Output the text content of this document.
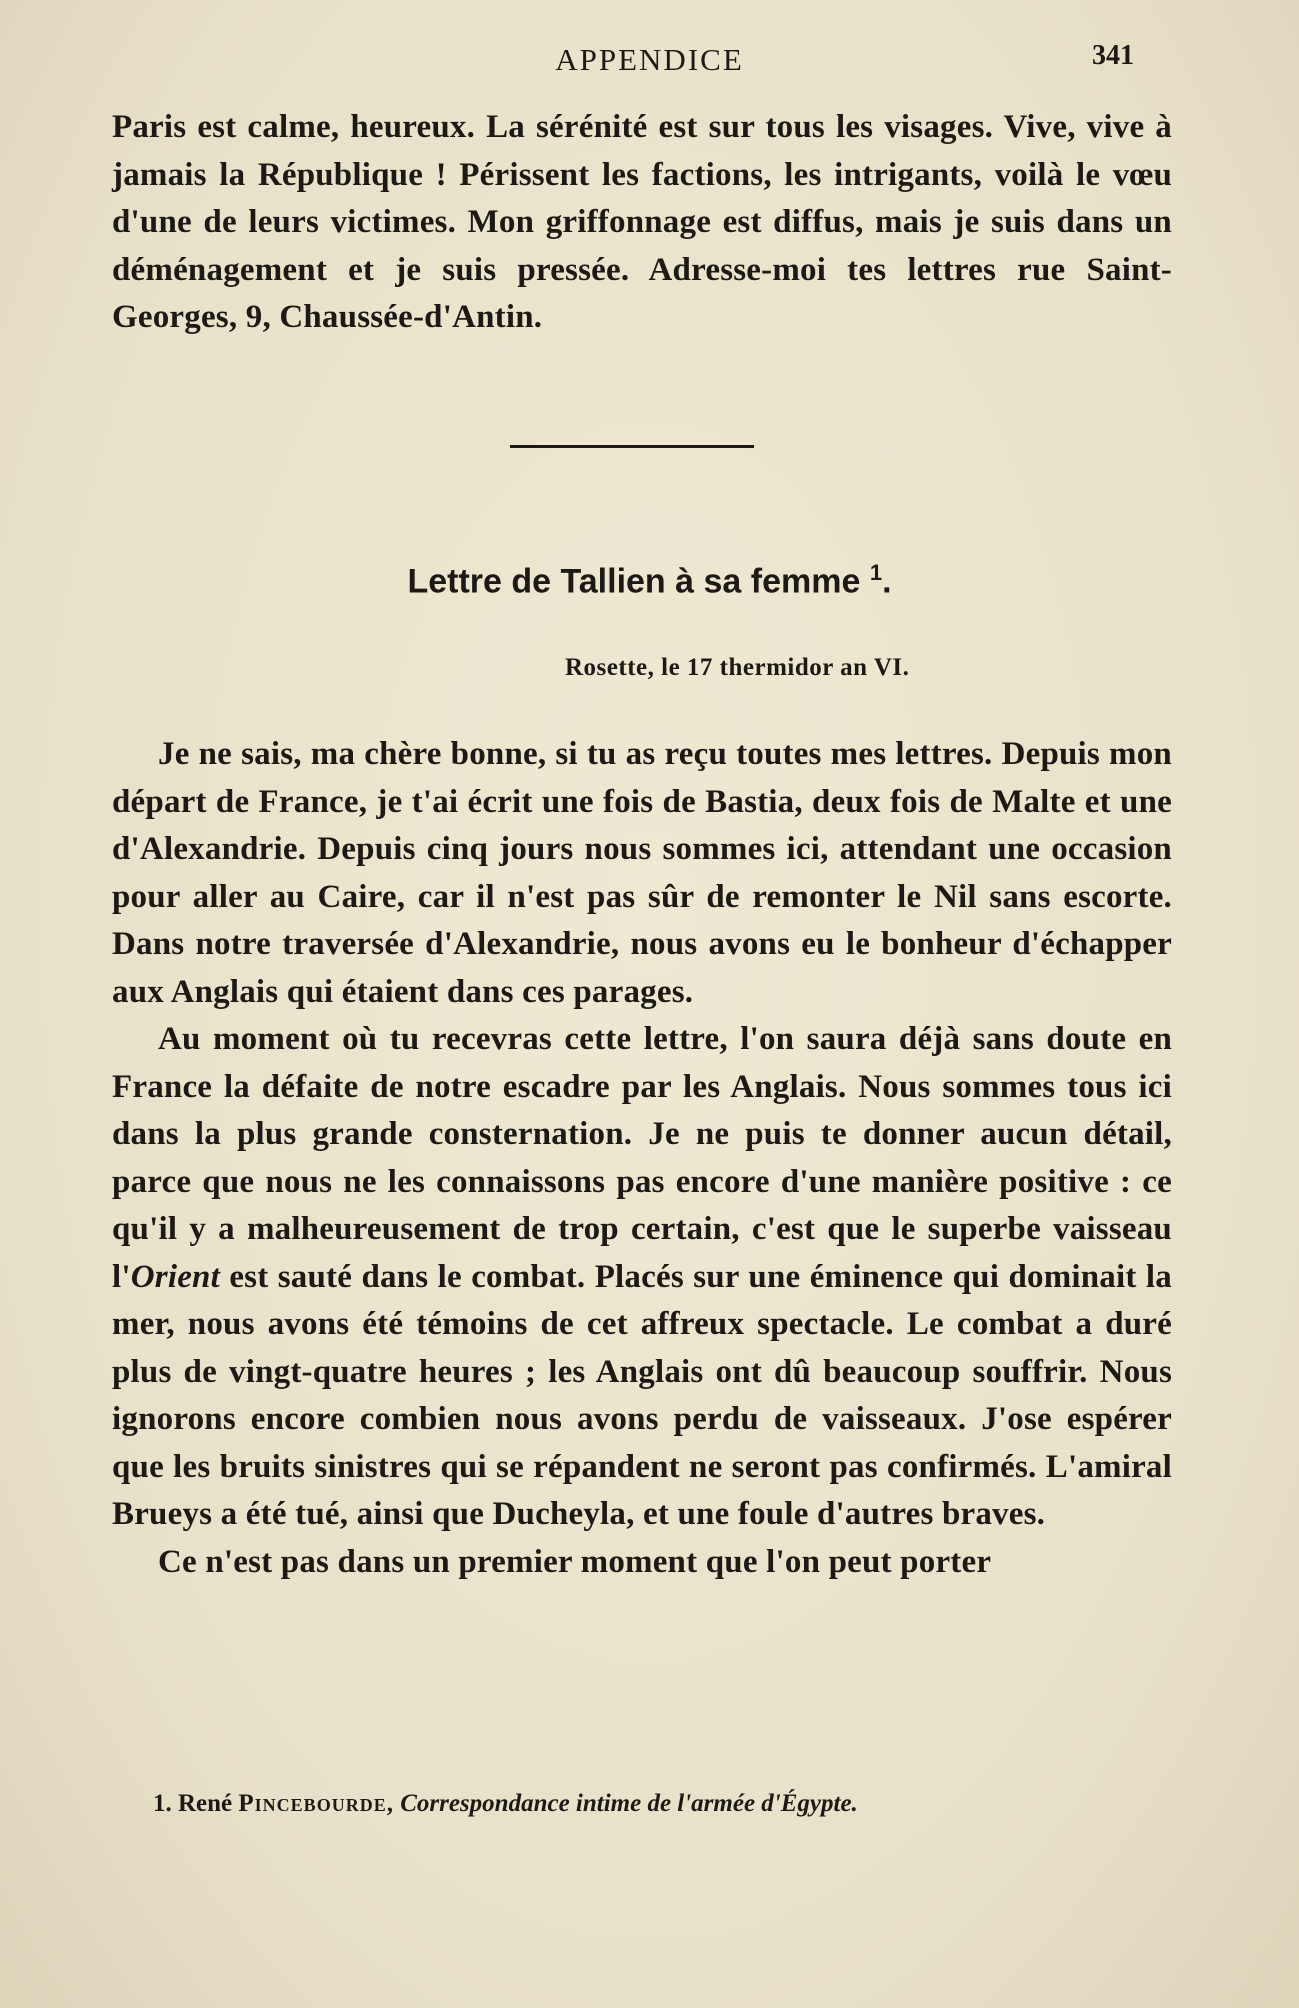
APPENDICE	341

Paris est calme, heureux. La sérénité est sur tous les visages. Vive, vive à jamais la République ! Périssent les factions, les intrigants, voilà le vœu d'une de leurs victimes. Mon griffonnage est diffus, mais je suis dans un déménagement et je suis pressée. Adresse-moi tes lettres rue Saint-Georges, 9, Chaussée-d'Antin.

Lettre de Tallien à sa femme $^1$.
Rosette, le 17 thermidor an VI.

Je ne sais, ma chère bonne, si tu as reçu toutes mes lettres. Depuis mon départ de France, je t'ai écrit une fois de Bastia, deux fois de Malte et une d'Alexandrie. Depuis cinq jours nous sommes ici, attendant une occasion pour aller au Caire, car il n'est pas sûr de remonter le Nil sans escorte. Dans notre traversée d'Alexandrie, nous avons eu le bonheur d'échapper aux Anglais qui étaient dans ces parages.

Au moment où tu recevras cette lettre, l'on saura déjà sans doute en France la défaite de notre escadre par les Anglais. Nous sommes tous ici dans la plus grande consternation. Je ne puis te donner aucun détail, parce que nous ne les connaissons pas encore d'une manière positive : ce qu'il y a malheureusement de trop certain, c'est que le superbe vaisseau l'Orient est sauté dans le combat. Placés sur une éminence qui dominait la mer, nous avons été témoins de cet affreux spectacle. Le combat a duré plus de vingt-quatre heures ; les Anglais ont dû beaucoup souffrir. Nous ignorons encore combien nous avons perdu de vaisseaux. J'ose espérer que les bruits sinistres qui se répandent ne seront pas confirmés. L'amiral Brueys a été tué, ainsi que Ducheyla, et une foule d'autres braves.

Ce n'est pas dans un premier moment que l'on peut porter

1. René Pincebourde, Correspondance intime de l'armée d'Égypte.
